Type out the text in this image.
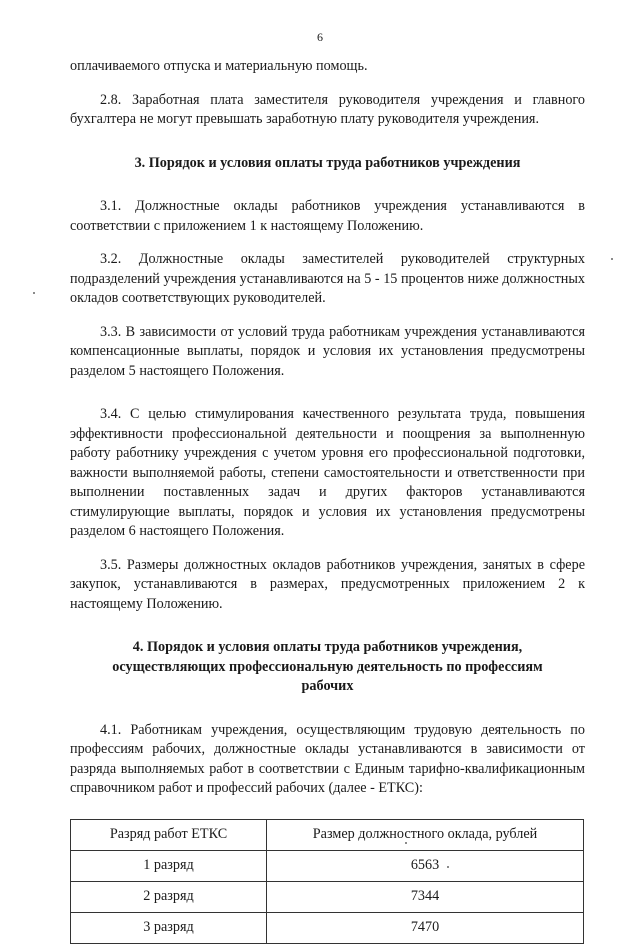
6

оплачиваемого отпуска и материальную помощь.

2.8. Заработная плата заместителя руководителя учреждения и главного бухгалтера не могут превышать заработную плату руководителя учреждения.

3. Порядок и условия оплаты труда работников учреждения

3.1. Должностные оклады работников учреждения устанавливаются в соответствии с приложением 1 к настоящему Положению.

3.2. Должностные оклады заместителей руководителей структурных подразделений учреждения устанавливаются на 5 - 15 процентов ниже должностных окладов соответствующих руководителей.

3.3. В зависимости от условий труда работникам учреждения устанавливаются компенсационные выплаты, порядок и условия их установления предусмотрены разделом 5 настоящего Положения.

3.4. С целью стимулирования качественного результата труда, повышения эффективности профессиональной деятельности и поощрения за выполненную работу работнику учреждения с учетом уровня его профессиональной подготовки, важности выполняемой работы, степени самостоятельности и ответственности при выполнении поставленных задач и других факторов устанавливаются стимулирующие выплаты, порядок и условия их установления предусмотрены разделом 6 настоящего Положения.

3.5. Размеры должностных окладов работников учреждения, занятых в сфере закупок, устанавливаются в размерах, предусмотренных приложением 2 к настоящему Положению.

4. Порядок и условия оплаты труда работников учреждения,
осуществляющих профессиональную деятельность по профессиям
рабочих

4.1. Работникам учреждения, осуществляющим трудовую деятельность по профессиям рабочих, должностные оклады устанавливаются в зависимости от разряда выполняемых работ в соответствии с Единым тарифно-квалификационным справочником работ и профессий рабочих (далее - ЕТКС):

Разряд работ ЕТКС	Размер должностного оклада, рублей
1 разряд	6563
2 разряд	7344
3 разряд	7470
